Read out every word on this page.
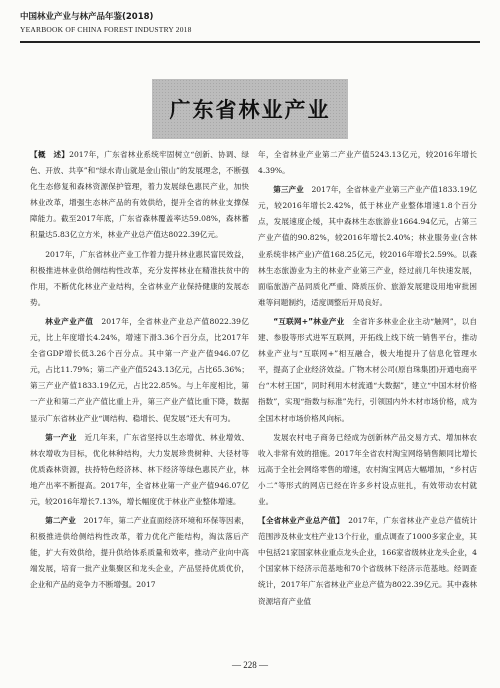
中国林业产业与林产品年鉴(2018)
YEARBOOK OF CHINA FOREST INDUSTRY 2018
广东省林业产业

【概　述】2017年，广东省林业系统牢固树立“创新、协调、绿色、开放、共享”和“绿水青山就是金山银山”的发展理念，不断强化生态修复和森林资源保护管理，着力发展绿色惠民产业，加快林业改革，增强生态林产品的有效供给，提升全省的林业支撑保障能力。截至2017年底，广东省森林覆盖率达59.08%，森林蓄积量达5.83亿立方米，林业产业总产值达8022.39亿元。

2017年，广东省林业产业工作着力提升林业惠民富民效益，积极推进林业供给侧结构性改革，充分发挥林业在精准扶贫中的作用，不断优化林业产业结构，全省林业产业保持健康的发展态势。

林业产业产值　2017年，全省林业产业总产值8022.39亿元，比上年度增长4.24%，增速下滑3.36个百分点，比2017年全省GDP增长低3.26个百分点。其中第一产业产值946.07亿元，占比11.79%；第二产业产值5243.13亿元，占比65.36%；第三产业产值1833.19亿元，占比22.85%。与上年度相比，第一产业和第二产业产值比重上升，第三产业产值比重下降，数据显示广东省林业产业“调结构、稳增长、促发展”还大有可为。

第一产业　近几年来，广东省坚持以生态增优、林业增效、林农增收为目标，优化林种结构，大力发展珍贵树种、大径材等优质森林资源，扶持特色经济林、林下经济等绿色惠民产业，林地产出率不断提高。2017年，全省林业第一产业产值946.07亿元，较2016年增长7.13%，增长幅度优于林业产业整体增速。

第二产业　2017年，第二产业直面经济环境和环保等因素，积极推进供给侧结构性改革，着力优化产能结构，淘汰落后产能，扩大有效供给，提升供给体系质量和效率，推动产业向中高端发展，培育一批产业集聚区和龙头企业，产品竖持优质优价，企业和产品的竞争力不断增强。2017

年，全省林业产业第二产业产值5243.13亿元，较2016年增长4.39%。

第三产业　2017年，全省林业产业第三产业产值1833.19亿元，较2016年增长2.42%，低于林业产业整体增速1.8个百分点，发展速度企缓，其中森林生态旅游业1664.94亿元，占第三产业产值的90.82%，较2016年增长2.40%；林业服务业(含林业系统非林产业)产值168.25亿元，较2016年增长2.59%。以森林生态旅游业为主的林业产业第三产业，经过前几年快速发展，面临旅游产品同质化严重、降质压价、旅游发展建设用地审批困难等问题制约，适度调整后开局良好。

“互联网+”林业产业　全省许多林业企业主动“触网”，以自建、参股等形式进军互联网，开拓线上线下统一销售平台，推动林业产业与“互联网+”相互融合，极大地提升了信息化管理水平，提高了企业经济效益。广物木材公司(原自珠集团)开通电商平台“木材王国”，同时利用木材流通“大数据”，建立“中国木材价格指数”，实现“指数与标准”先行，引领国内外木材市场价格，成为全国木材市场价格风向标。

发展农村电子商务已经成为创新林产品交易方式、增加林农收入非常有效的措施。2017年全省农村淘宝网络销售额同比增长远高于全社会网络零售的增速，农村淘宝网店大幅增加，“乡村店小二”等形式的网店已经在许多乡村设点驻扎，有效带动农村就业。

【全省林业产业总产值】　2017年，广东省林业产业总产值统计范围涉及林业支柱产业13个行业，重点调查了1000多家企业，其中包括21家国家林业重点龙头企业，166家省级林业龙头企业，4个国家林下经济示范基地和70个省级林下经济示范基地。经调查统计，2017年广东省林业产业总产值为8022.39亿元。其中森林资源培育产业值

— 228 —
